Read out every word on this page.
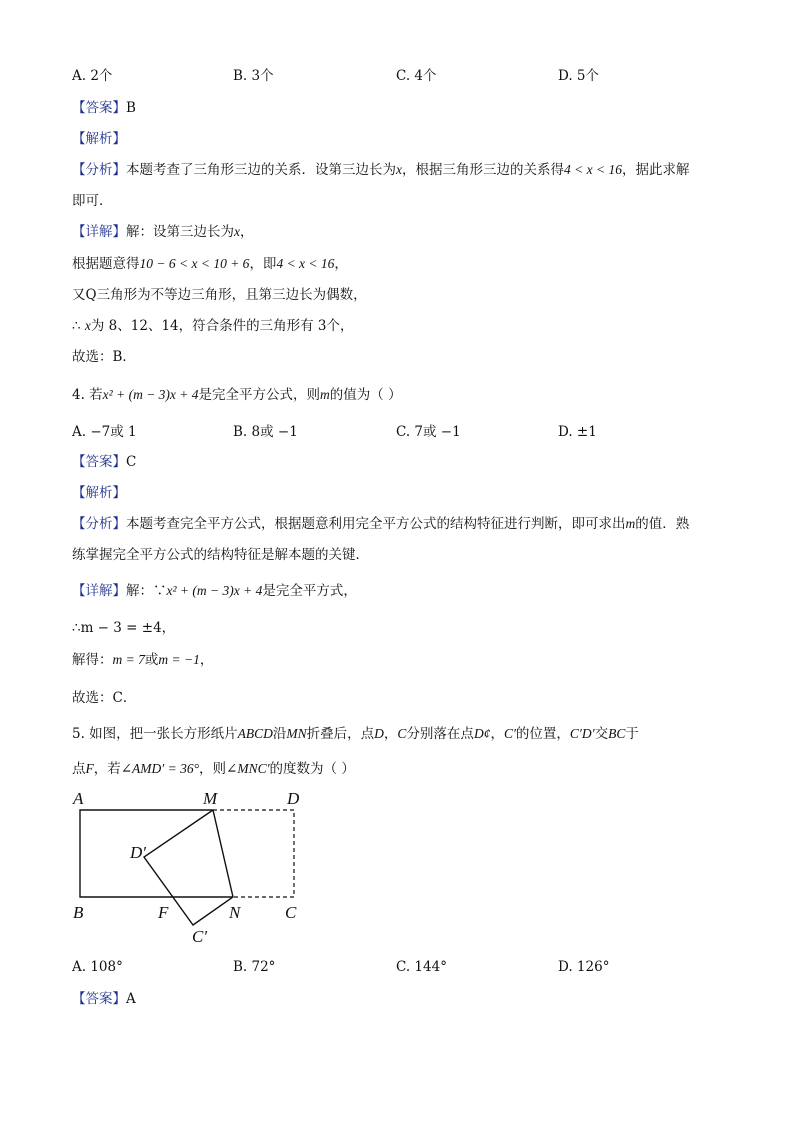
A. 2个	B. 3个	C. 4个	D. 5个
【答案】B
【解析】
【分析】本题考查了三角形三边的关系．设第三边长为x，根据三角形三边的关系得4 < x < 16，据此求解
即可．
【详解】解：设第三边长为x，
根据题意得10 − 6 < x < 10 + 6，即4 < x < 16，
又Q三角形为不等边三角形，且第三边长为偶数，
∴ x为 8、12、14，符合条件的三角形有 3个，
故选：B．
4. 若x² + (m − 3)x + 4是完全平方公式，则m的值为（ ）
A. −7或 1	B. 8或 −1	C. 7或 −1	D. ±1
【答案】C
【解析】
【分析】本题考查完全平方公式，根据题意利用完全平方公式的结构特征进行判断，即可求出m的值．熟
练掌握完全平方公式的结构特征是解本题的关键．
【详解】解：∵x² + (m − 3)x + 4是完全平方式，
∴m − 3 = ±4，
解得：m = 7或m = −1，
故选：C．
5. 如图，把一张长方形纸片ABCD沿MN折叠后，点D，C分别落在点D¢，C′的位置，C′D′交BC于
点F，若∠AMD′ = 36°，则∠MNC′的度数为（ ）
A	M	D
D′
B	F	N	C
C′
A. 108°	B. 72°	C. 144°	D. 126°
【答案】A
